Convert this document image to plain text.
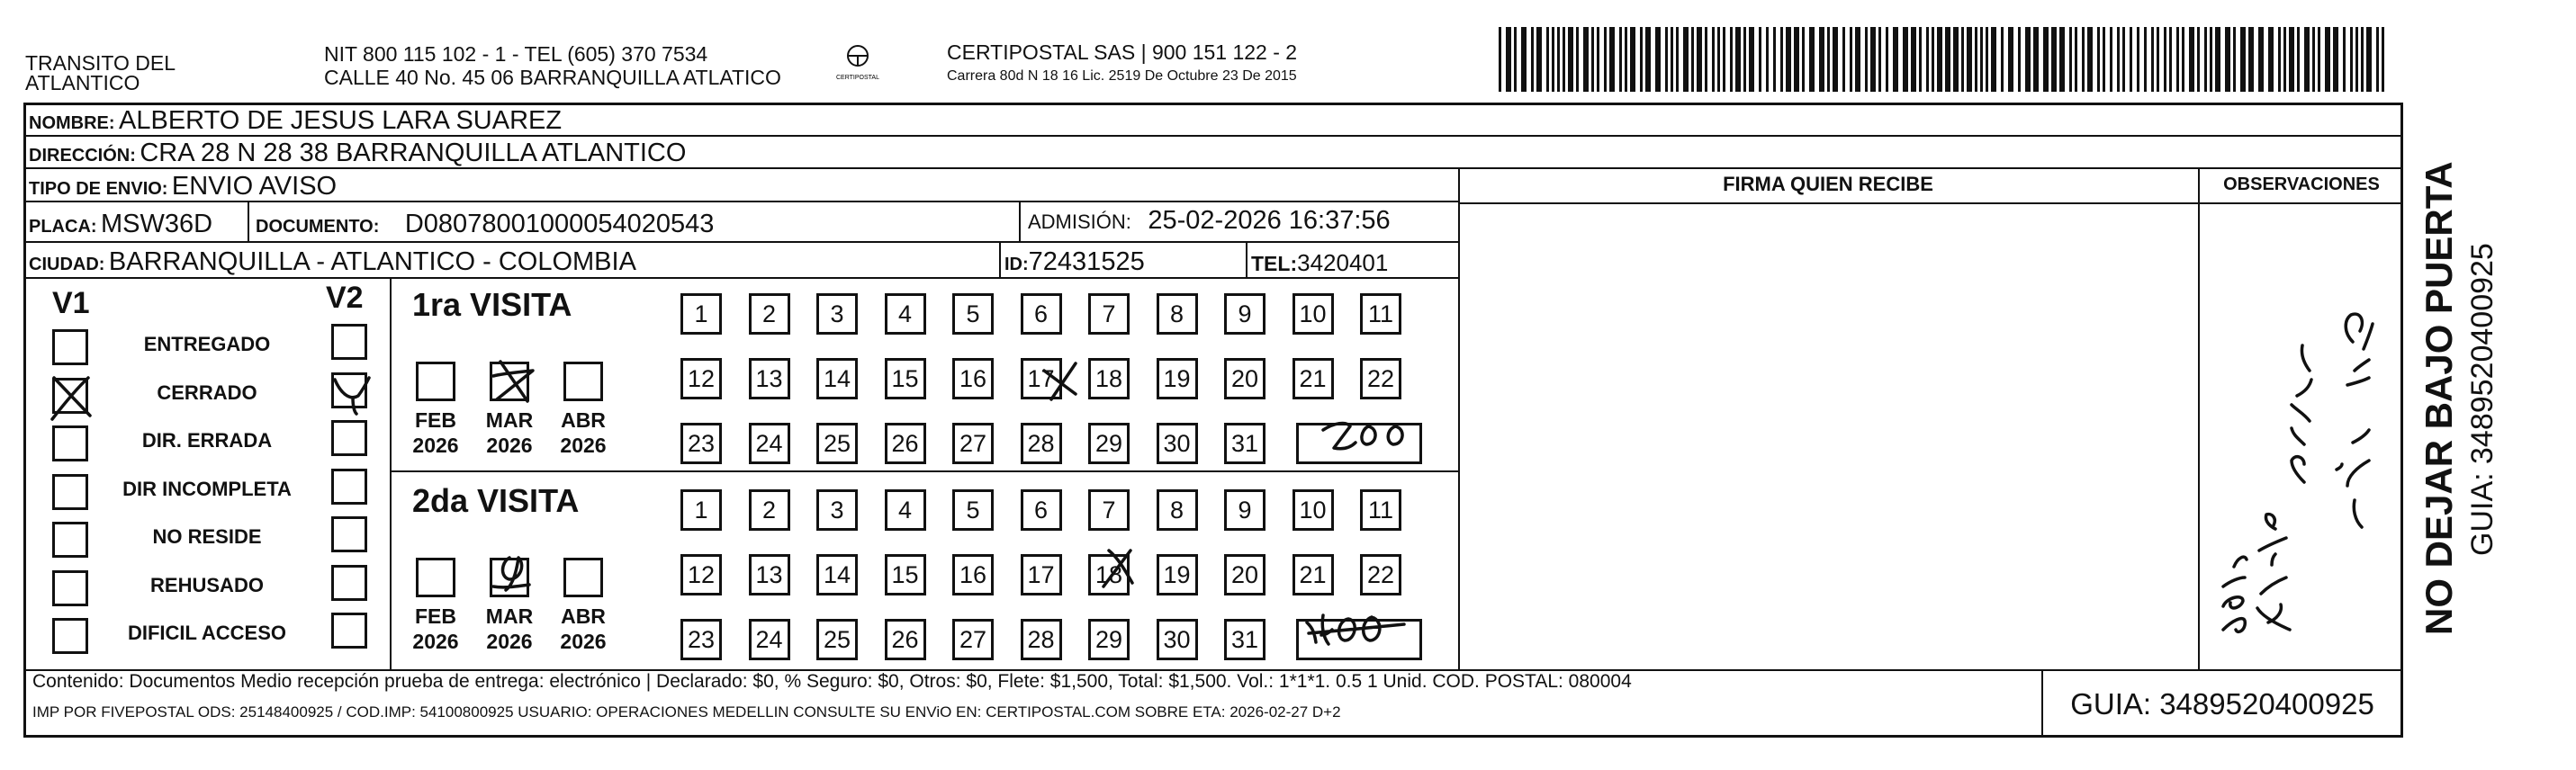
TRANSITO DEL
ATLANTICO
NIT 800 115 102 - 1 - TEL (605) 370 7534
CALLE 40 No. 45 06 BARRANQUILLA ATLATICO	CERTIPOSTAL
CERTIPOSTAL SAS | 900 151 122 - 2
Carrera 80d N 18 16 Lic. 2519 De Octubre 23 De 2015
NOMBRE: ALBERTO DE JESUS LARA SUAREZ
DIRECCIÓN: CRA 28 N 28 38 BARRANQUILLA ATLANTICO
TIPO DE ENVIO: ENVIO AVISO
PLACA: MSW36D DOCUMENTO: D08078001000054020543	ADMISIÓN: 25-02-2026 16:37:56
CIUDAD: BARRANQUILLA - ATLANTICO - COLOMBIA	ID:72431525	TEL:3420401
FIRMA QUIEN RECIBE	OBSERVACIONES
V1	V2
ENTREGADO
CERRADO
DIR. ERRADA
DIR INCOMPLETA
NO RESIDE
REHUSADO
DIFICIL ACCESO
1ra VISITA
2da VISITA
FEB
2026
MAR
2026
ABR
2026
1	2	3	4	5	6	7	8	9	10	11
12 13 14 15 16 17 18 19 20 21 22
23 24 25 26 27 28 29 30 31
FEB
2026
MAR
2026
ABR
2026
1	2	3	4	5	6	7	8	9	10	11
12 13 14 15 16 17 18 19 20 21 22
23 24 25 26 27 28 29 30 31
Contenido: Documentos Medio recepción prueba de entrega: electrónico | Declarado: $0, % Seguro: $0, Otros: $0, Flete: $1,500, Total: $1,500. Vol.: 1*1*1. 0.5 1 Unid. COD. POSTAL: 080004
IMP POR FIVEPOSTAL ODS: 25148400925 / COD.IMP: 54100800925 USUARIO: OPERACIONES MEDELLIN CONSULTE SU ENViO EN: CERTIPOSTAL.COM SOBRE ETA: 2026-02-27 D+2	GUIA: 3489520400925
NO DEJAR BAJO PUERTA GUIA: 3489520400925
